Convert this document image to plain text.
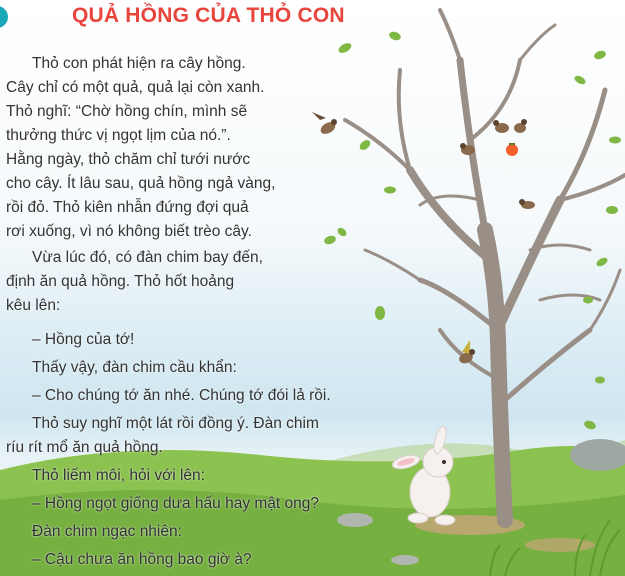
QUẢ HỒNG CỦA THỎ CON
Thỏ con phát hiện ra cây hồng.
Cây chỉ có một quả, quả lại còn xanh.
Thỏ nghĩ: “Chờ hồng chín, mình sẽ
thưởng thức vị ngọt lịm của nó.”.
Hằng ngày, thỏ chăm chỉ tưới nước
cho cây. Ít lâu sau, quả hồng ngả vàng,
rồi đỏ. Thỏ kiên nhẫn đứng đợi quả
rơi xuống, vì nó không biết trèo cây.
Vừa lúc đó, có đàn chim bay đến,
định ăn quả hồng. Thỏ hốt hoảng
kêu lên:
– Hồng của tớ!
Thấy vậy, đàn chim cầu khẩn:
– Cho chúng tớ ăn nhé. Chúng tớ đói lả rồi.
Thỏ suy nghĩ một lát rồi đồng ý. Đàn chim
ríu rít mổ ăn quả hồng.
Thỏ liếm môi, hỏi với lên:
– Hồng ngọt giống dưa hấu hay mật ong?
Đàn chim ngạc nhiên:
– Cậu chưa ăn hồng bao giờ à?
